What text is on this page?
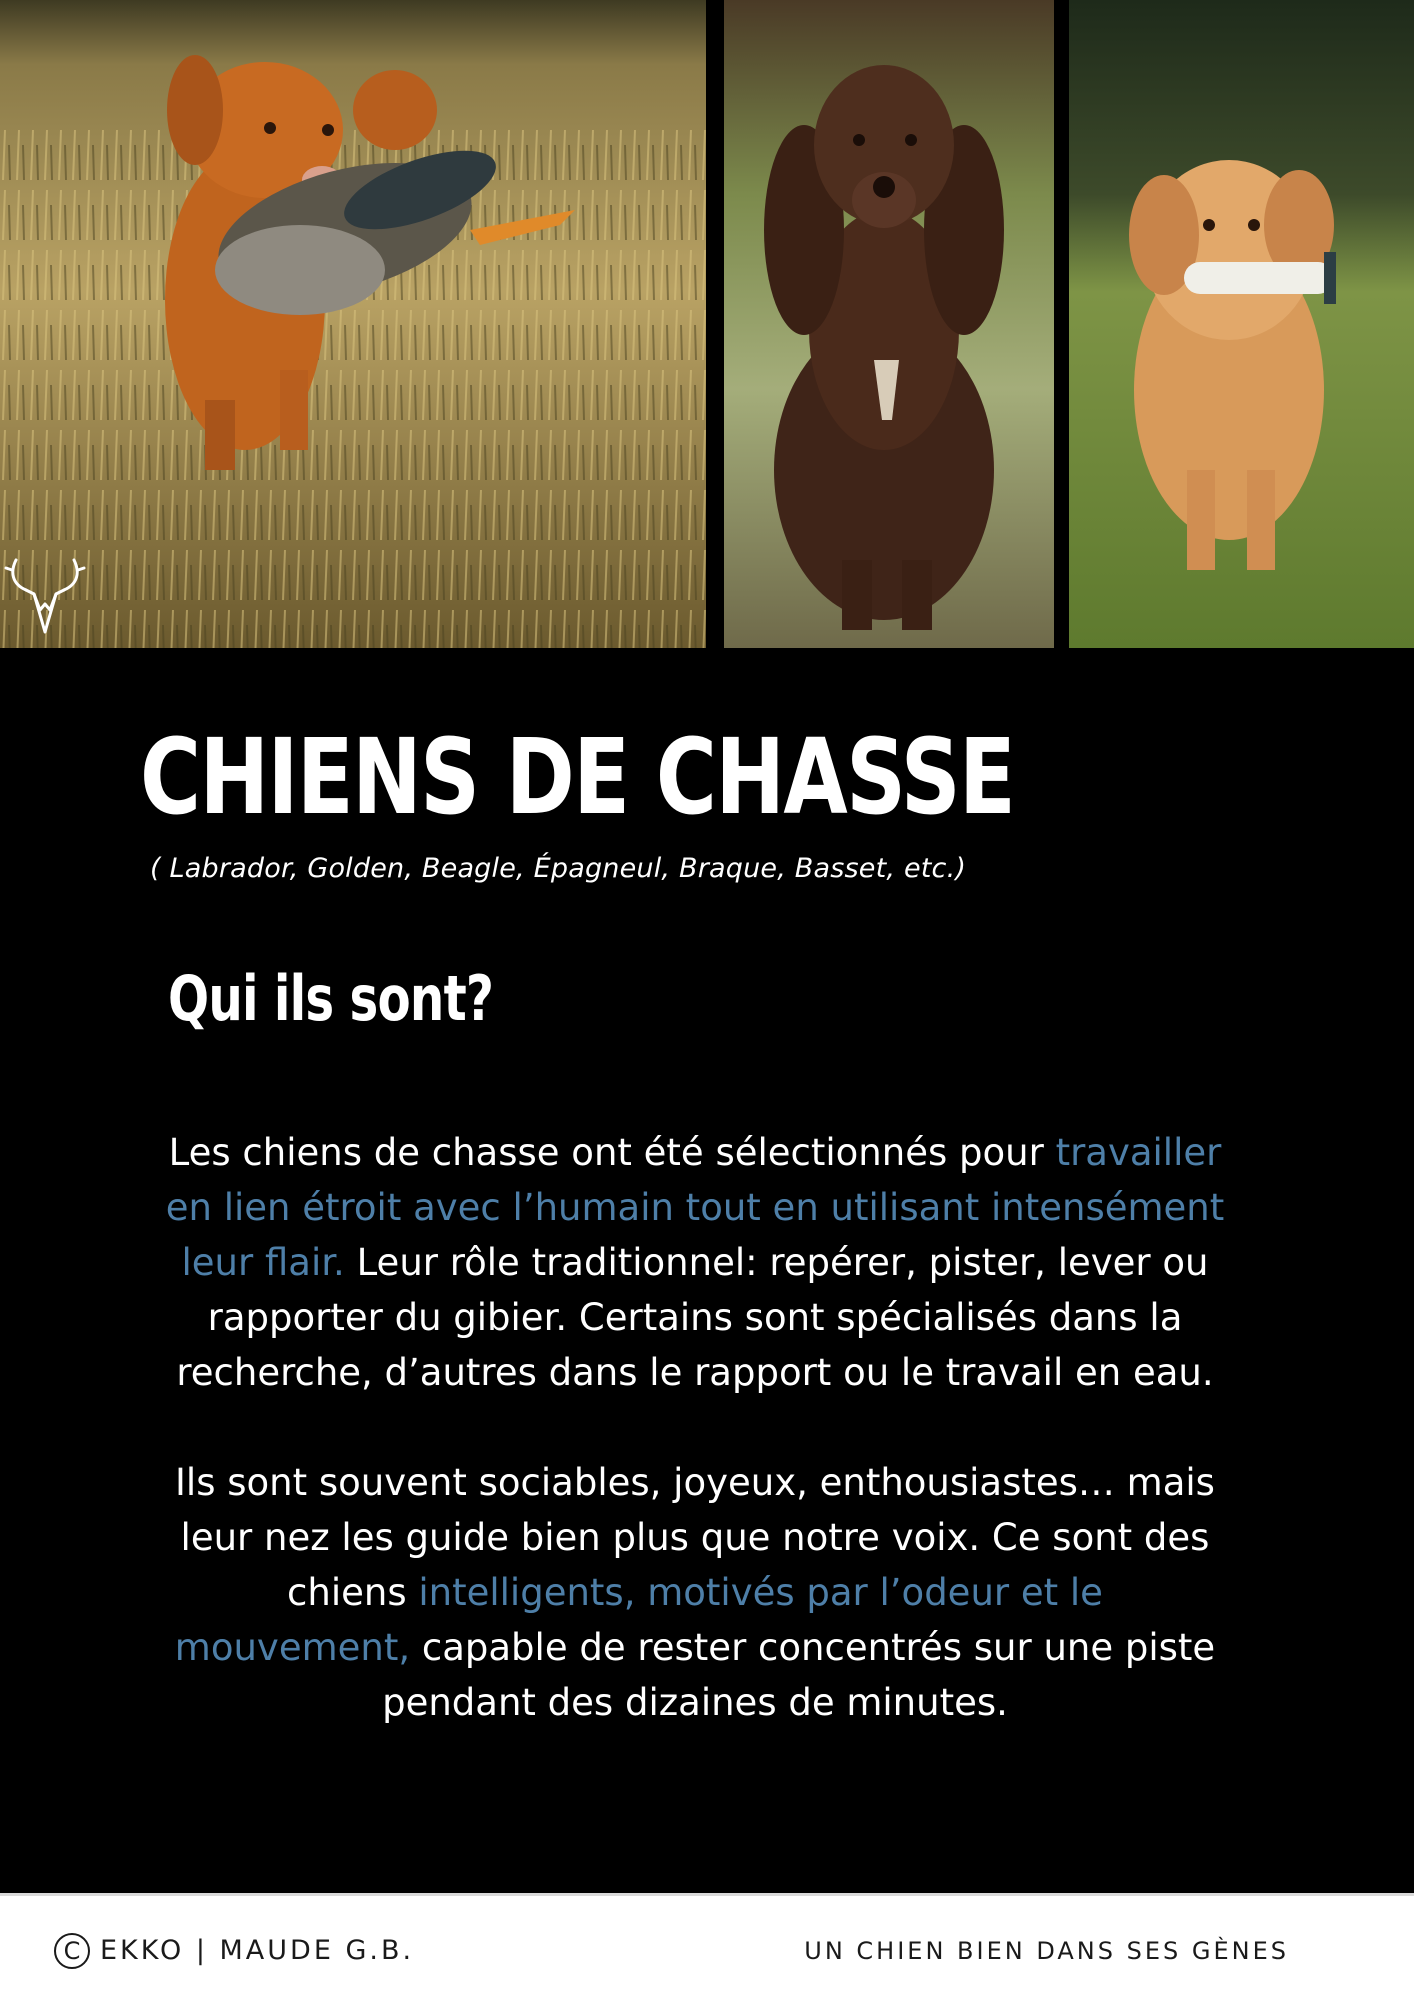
CHIENS DE CHASSE
( Labrador, Golden, Beagle, Épagneul, Braque, Basset, etc.)
Qui ils sont?

Les chiens de chasse ont été sélectionnés pour travailler
en lien étroit avec l’humain tout en utilisant intensément
leur flair. Leur rôle traditionnel: repérer, pister, lever ou
rapporter du gibier. Certains sont spécialisés dans la
recherche, d’autres dans le rapport ou le travail en eau.

Ils sont souvent sociables, joyeux, enthousiastes… mais
leur nez les guide bien plus que notre voix. Ce sont des
chiens intelligents, motivés par l’odeur et le
mouvement, capable de rester concentrés sur une piste
pendant des dizaines de minutes.

C EKKO | MAUDE G.B.	UN CHIEN BIEN DANS SES GÈNES
